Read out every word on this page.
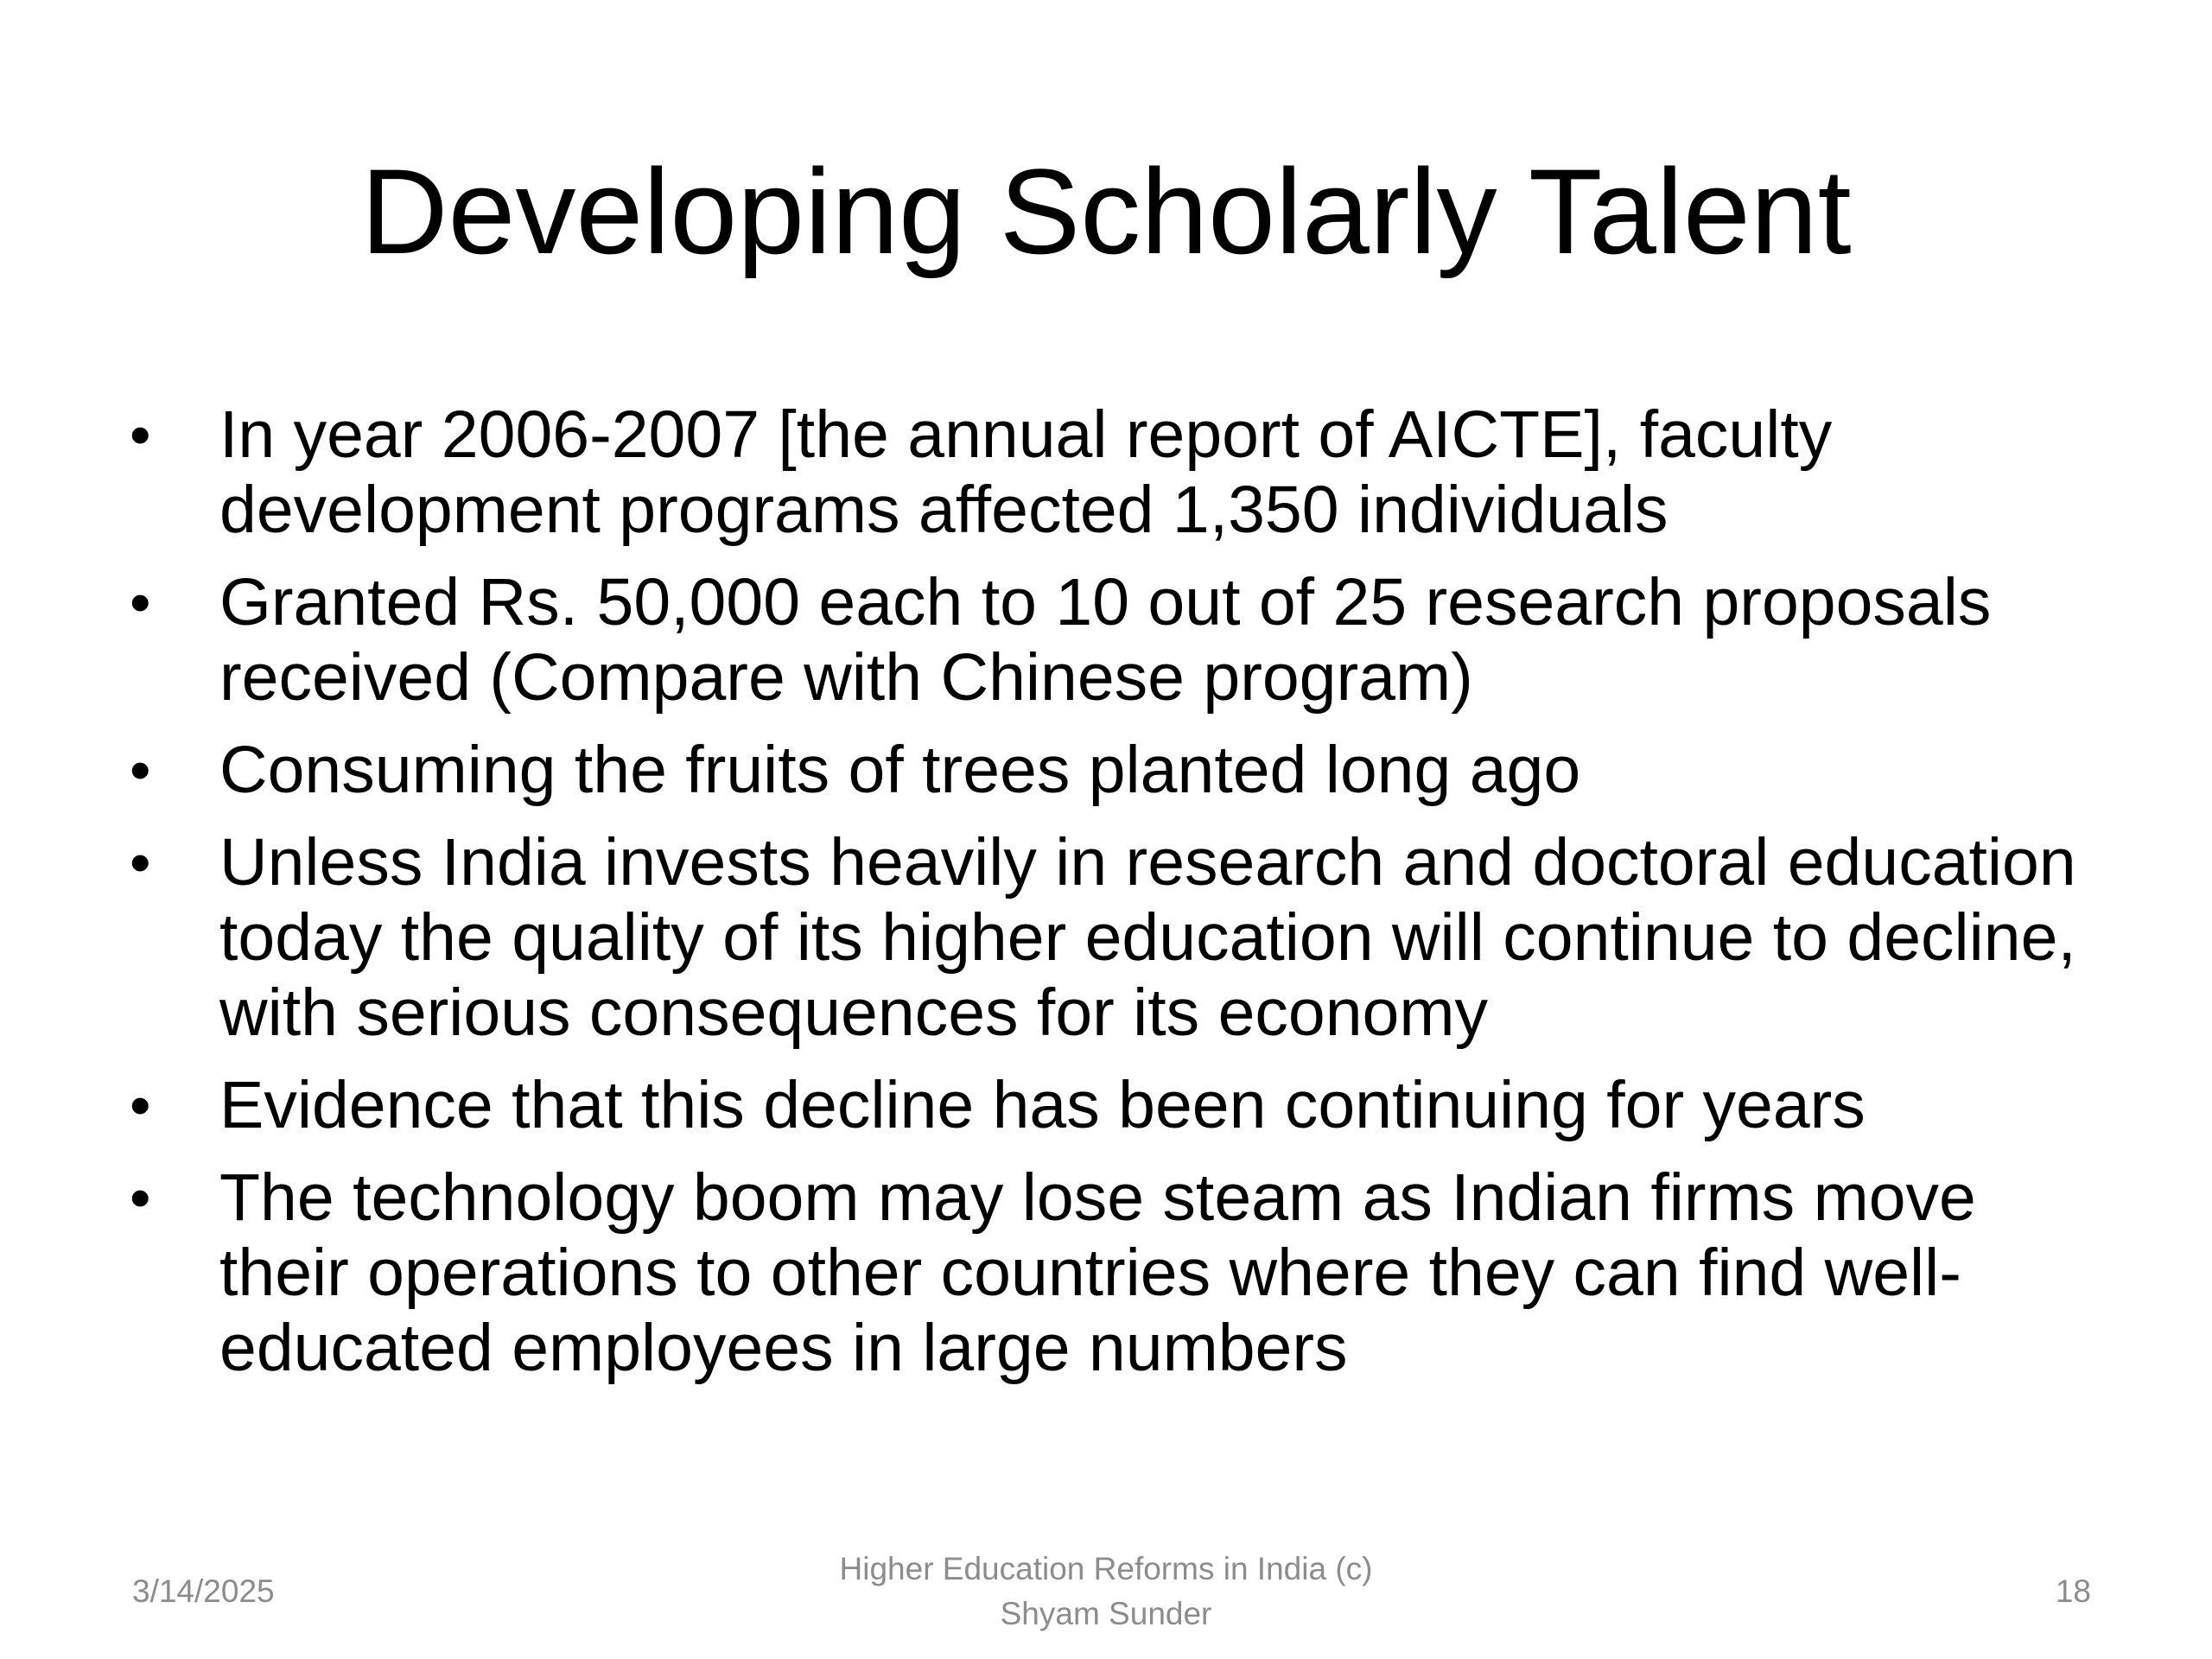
Developing Scholarly Talent
• In year 2006-2007 [the annual report of AICTE], faculty development programs affected 1,350 individuals
• Granted Rs. 50,000 each to 10 out of 25 research proposals received (Compare with Chinese program)
• Consuming the fruits of trees planted long ago
• Unless India invests heavily in research and doctoral education today the quality of its higher education will continue to decline, with serious consequences for its economy
• Evidence that this decline has been continuing for years
• The technology boom may lose steam as Indian firms move their operations to other countries where they can find well-educated employees in large numbers
3/14/2025
Higher Education Reforms in India (c)
Shyam Sunder
18
